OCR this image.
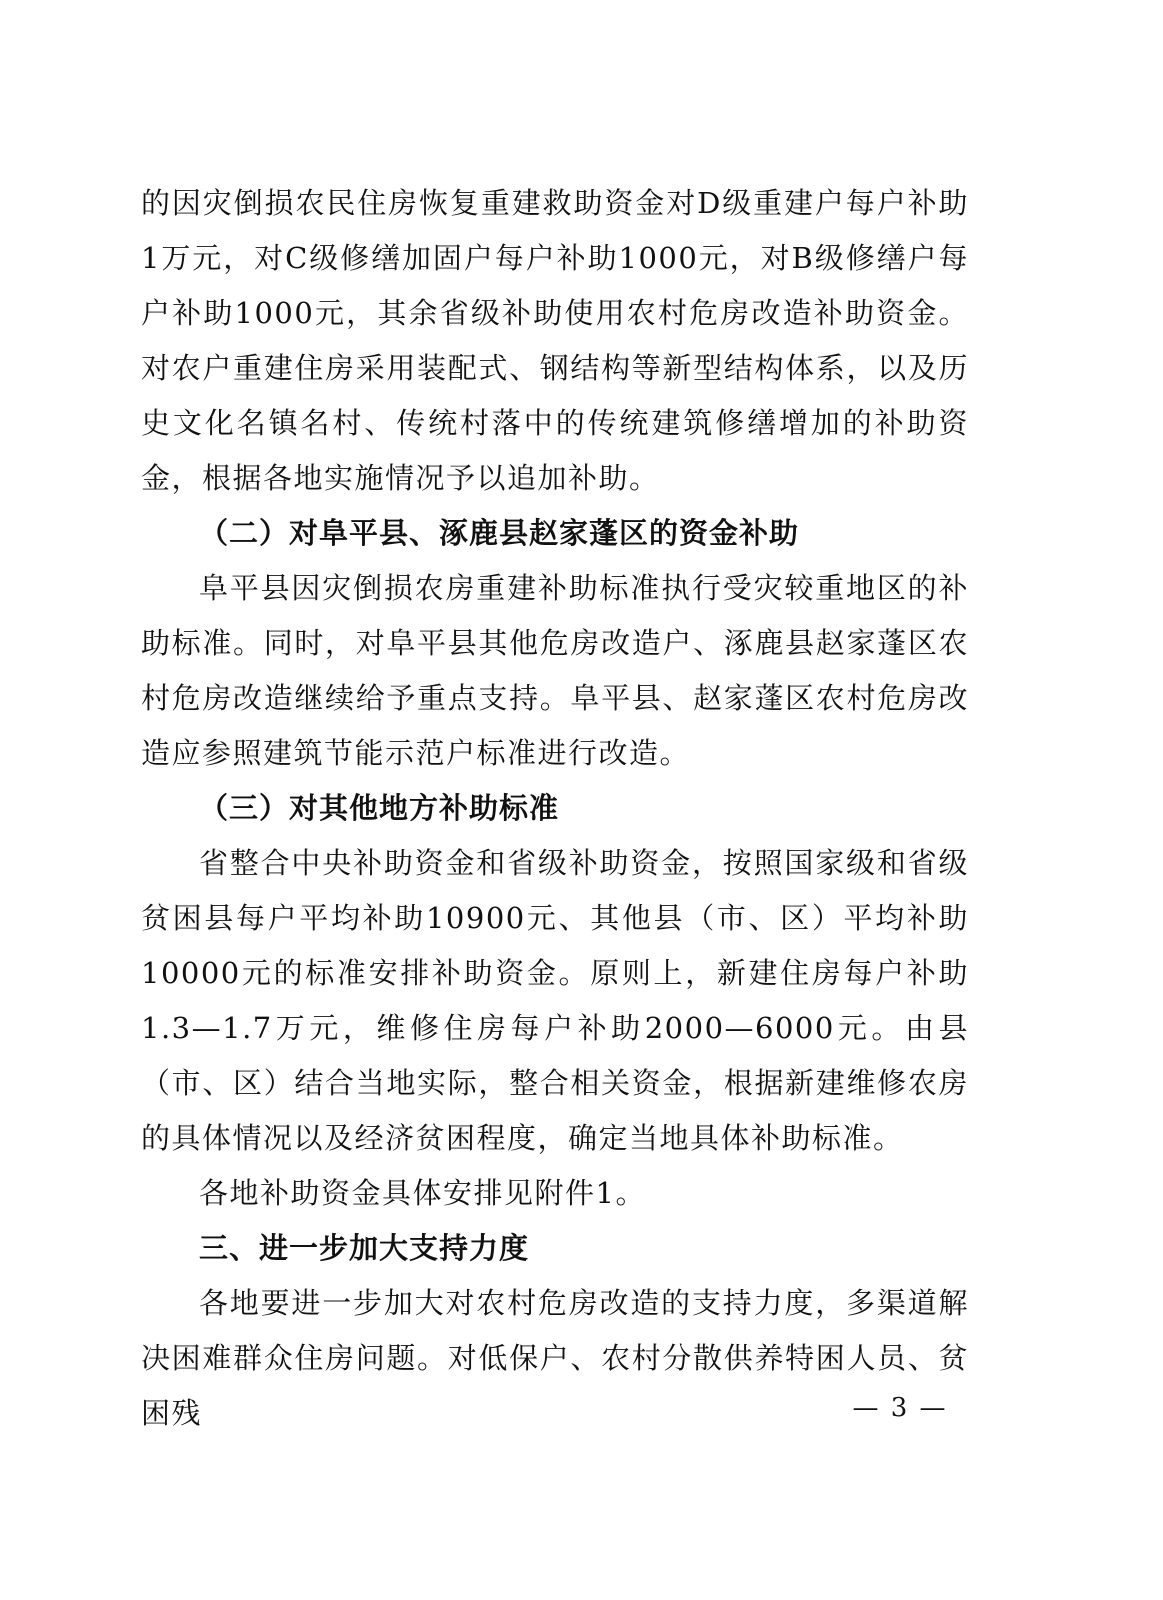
的因灾倒损农民住房恢复重建救助资金对D级重建户每户补助1万元，对C级修缮加固户每户补助1000元，对B级修缮户每户补助1000元，其余省级补助使用农村危房改造补助资金。对农户重建住房采用装配式、钢结构等新型结构体系，以及历史文化名镇名村、传统村落中的传统建筑修缮增加的补助资金，根据各地实施情况予以追加补助。

（二）对阜平县、涿鹿县赵家蓬区的资金补助

阜平县因灾倒损农房重建补助标准执行受灾较重地区的补助标准。同时，对阜平县其他危房改造户、涿鹿县赵家蓬区农村危房改造继续给予重点支持。阜平县、赵家蓬区农村危房改造应参照建筑节能示范户标准进行改造。

（三）对其他地方补助标准

省整合中央补助资金和省级补助资金，按照国家级和省级贫困县每户平均补助10900元、其他县（市、区）平均补助10000元的标准安排补助资金。原则上，新建住房每户补助1.3—1.7万元，维修住房每户补助2000—6000元。由县（市、区）结合当地实际，整合相关资金，根据新建维修农房的具体情况以及经济贫困程度，确定当地具体补助标准。

各地补助资金具体安排见附件1。

三、进一步加大支持力度

各地要进一步加大对农村危房改造的支持力度，多渠道解决困难群众住房问题。对低保户、农村分散供养特困人员、贫困残	— 3 —
